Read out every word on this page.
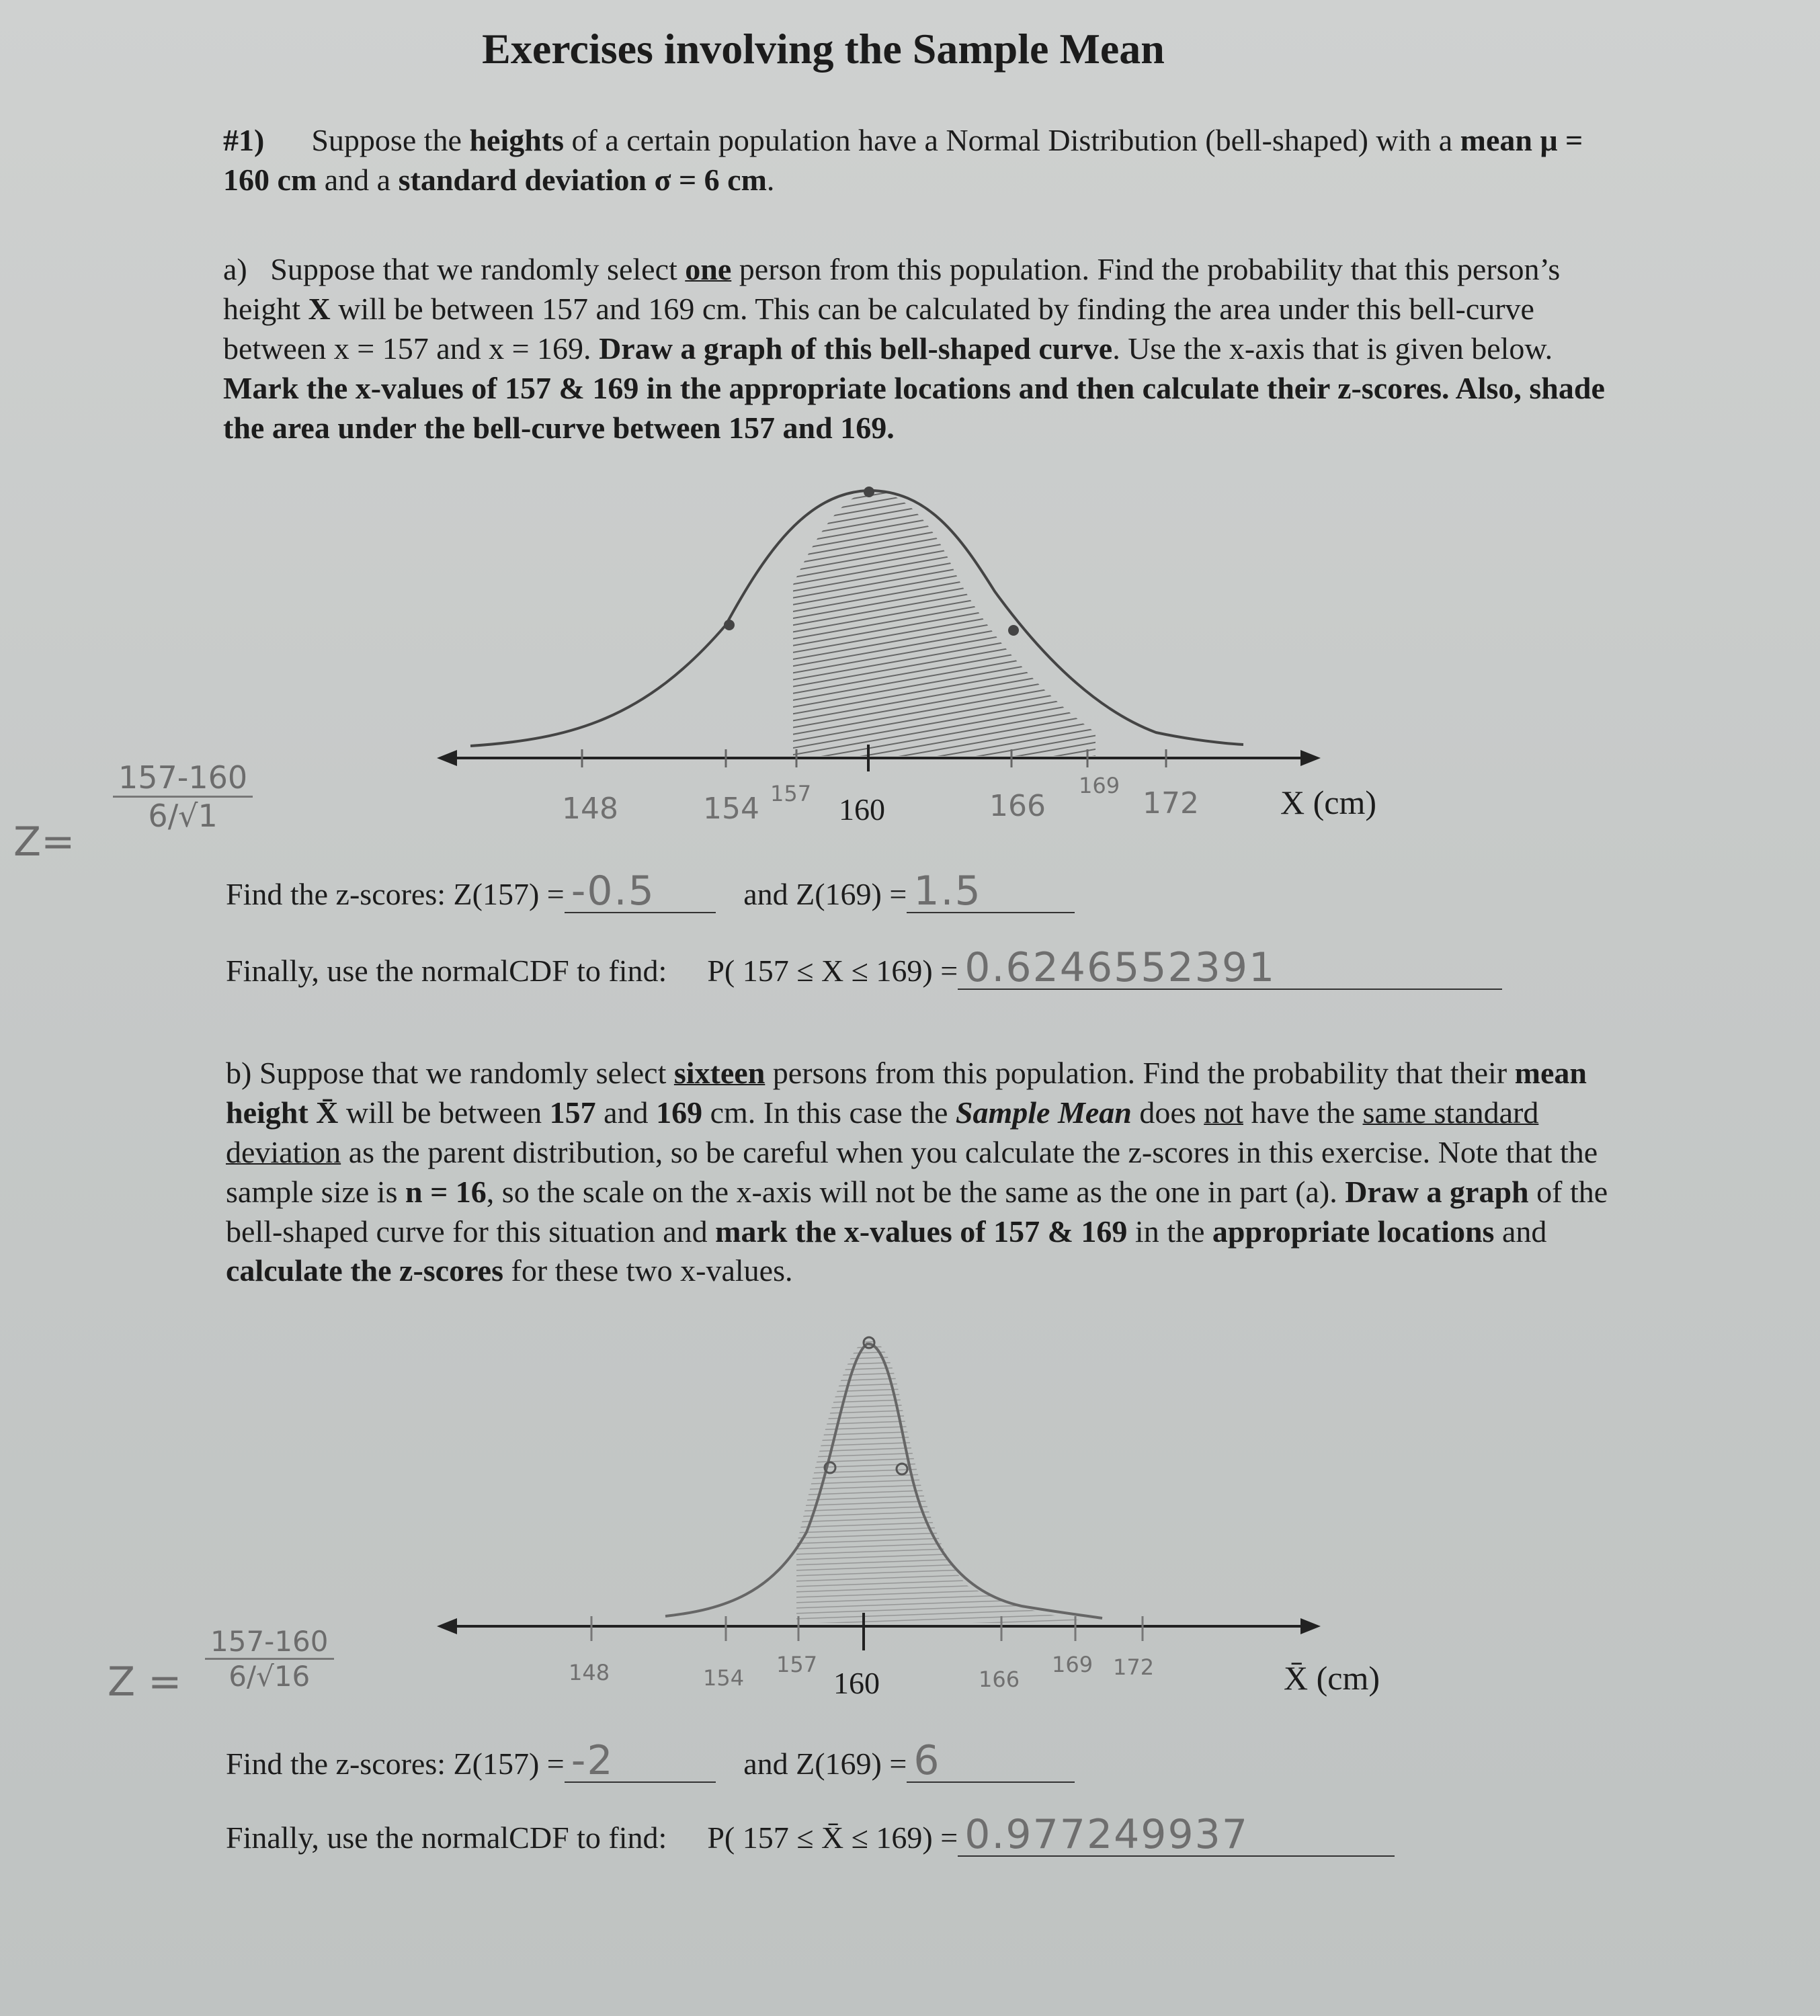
Exercises involving the Sample Mean
#1) Suppose the heights of a certain population have a Normal Distribution (bell-shaped) with a mean μ = 160 cm and a standard deviation σ = 6 cm.
a) Suppose that we randomly select one person from this population. Find the probability that this person’s height X will be between 157 and 169 cm. This can be calculated by finding the area under this bell-curve between x = 157 and x = 169. Draw a graph of this bell-shaped curve. Use the x-axis that is given below. Mark the x-values of 157 & 169 in the appropriate locations and then calculate their z-scores. Also, shade the area under the bell-curve between 157 and 169.
148	154 157 160	166
169
172 X (cm)
Z=
$\frac{157-160}{6/√1}$
Find the z-scores: Z(157) = -0.5	and Z(169) = 1.5
Finally, use the normalCDF to find: P( 157 ≤ X ≤ 169) = 0.6246552391
b) Suppose that we randomly select sixteen persons from this population. Find the probability that their mean height X̄ will be between 157 and 169 cm. In this case the Sample Mean does not have the same standard deviation as the parent distribution, so be careful when you calculate the z-scores in this exercise. Note that the sample size is n = 16, so the scale on the x-axis will not be the same as the one in part (a). Draw a graph of the bell-shaped curve for this situation and mark the x-values of 157 & 169 in the appropriate locations and calculate the z-scores for these two x-values.
148	154
157
160	166
169 172	X̄ (cm)
$Z = \frac{157-160}{6/√16}$
Find the z-scores: Z(157) = -2	and Z(169) = 6
Finally, use the normalCDF to find: P( 157 ≤ X̄ ≤ 169) = 0.977249937
